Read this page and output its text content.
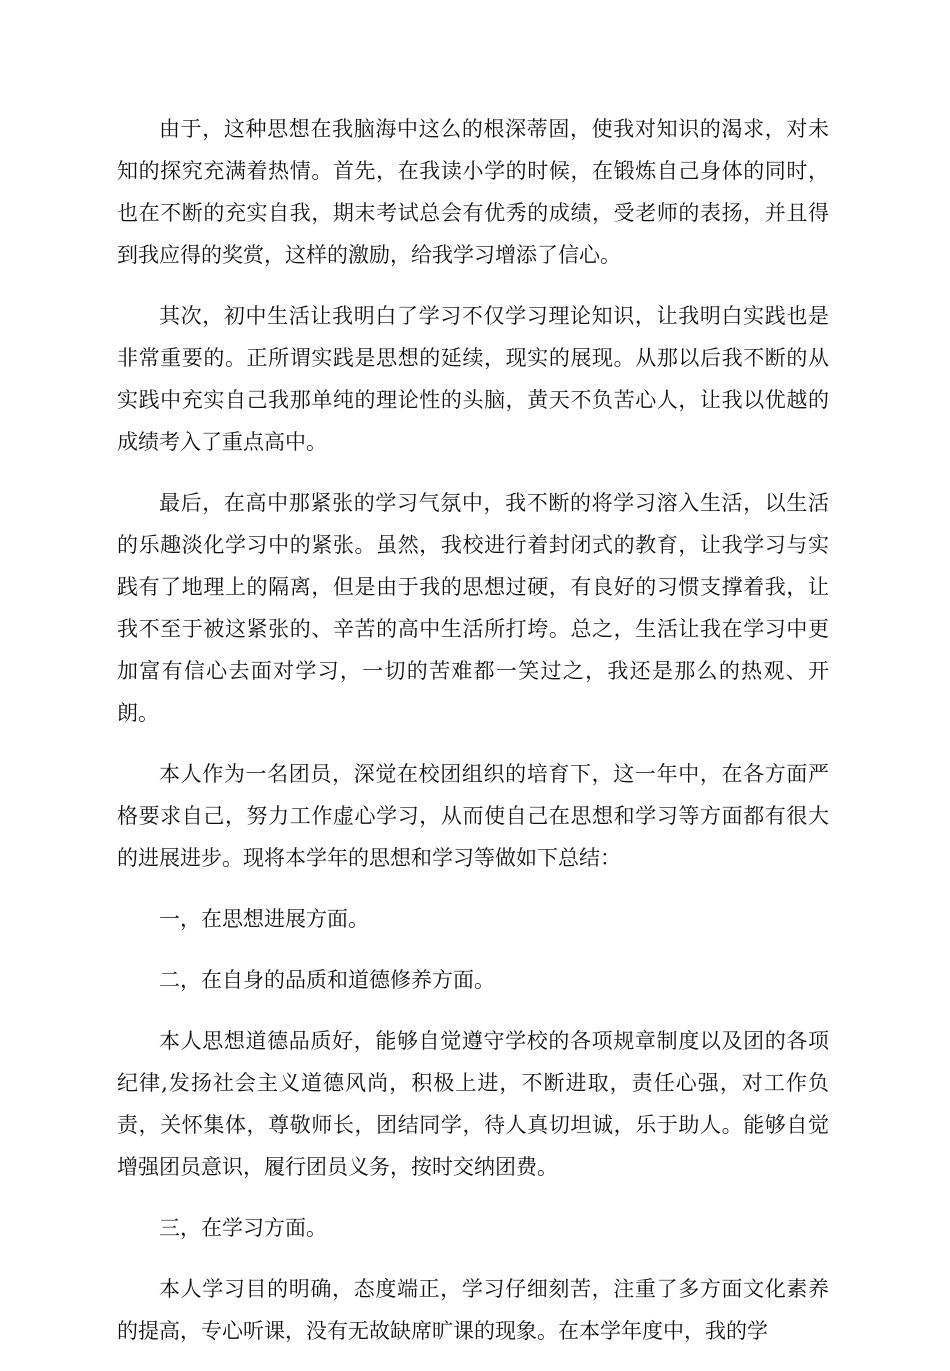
由于，这种思想在我脑海中这么的根深蒂固，使我对知识的渴求，对未知的探究充满着热情。首先，在我读小学的时候，在锻炼自己身体的同时，也在不断的充实自我，期末考试总会有优秀的成绩，受老师的表扬，并且得到我应得的奖赏，这样的激励，给我学习增添了信心。

其次，初中生活让我明白了学习不仅学习理论知识，让我明白实践也是非常重要的。正所谓实践是思想的延续，现实的展现。从那以后我不断的从实践中充实自己我那单纯的理论性的头脑，黄天不负苦心人，让我以优越的成绩考入了重点高中。

最后，在高中那紧张的学习气氛中，我不断的将学习溶入生活，以生活的乐趣淡化学习中的紧张。虽然，我校进行着封闭式的教育，让我学习与实践有了地理上的隔离，但是由于我的思想过硬，有良好的习惯支撑着我，让我不至于被这紧张的、辛苦的高中生活所打垮。总之，生活让我在学习中更加富有信心去面对学习，一切的苦难都一笑过之，我还是那么的热观、开朗。

本人作为一名团员，深觉在校团组织的培育下，这一年中，在各方面严格要求自己，努力工作虚心学习，从而使自己在思想和学习等方面都有很大的进展进步。现将本学年的思想和学习等做如下总结：

一，在思想进展方面。

二，在自身的品质和道德修养方面。

本人思想道德品质好，能够自觉遵守学校的各项规章制度以及团的各项纪律,发扬社会主义道德风尚，积极上进，不断进取，责任心强，对工作负责，关怀集体，尊敬师长，团结同学，待人真切坦诚，乐于助人。能够自觉增强团员意识，履行团员义务，按时交纳团费。

三，在学习方面。

本人学习目的明确，态度端正，学习仔细刻苦，注重了多方面文化素养的提高，专心听课，没有无故缺席旷课的现象。在本学年度中，我的学
